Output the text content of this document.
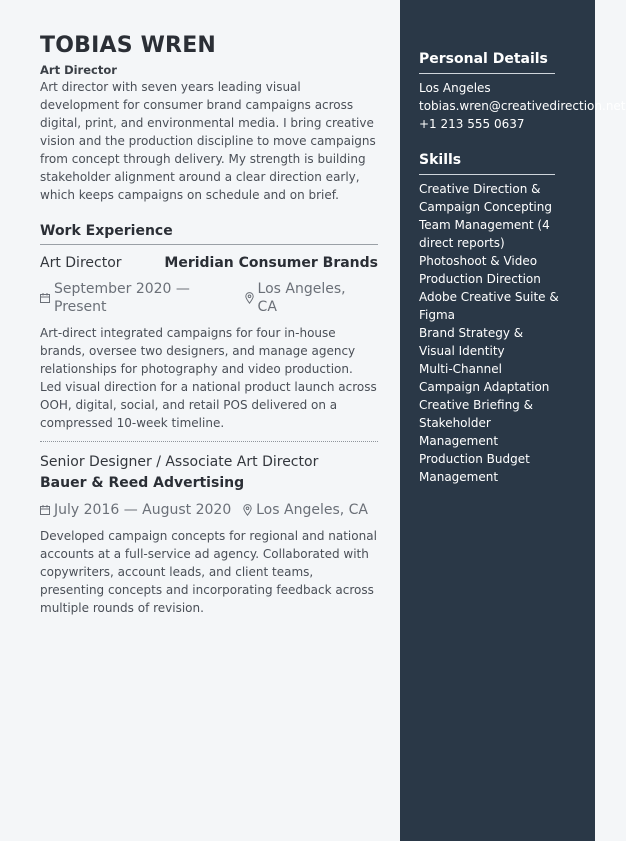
TOBIAS WREN
Art Director

Art director with seven years leading visual development for consumer brand campaigns across digital, print, and environmental media. I bring creative vision and the production discipline to move campaigns from concept through delivery. My strength is building stakeholder alignment around a clear direction early, which keeps campaigns on schedule and on brief.

Work Experience
Art Director	Meridian Consumer Brands
September 2020 — Present
Los Angeles, CA

Art-direct integrated campaigns for four in-house brands, oversee two designers, and manage agency relationships for photography and video production. Led visual direction for a national product launch across OOH, digital, social, and retail POS delivered on a compressed 10-week timeline.

Senior Designer / Associate Art Director
Bauer & Reed Advertising
July 2016 — August 2020 Los Angeles, CA

Developed campaign concepts for regional and national accounts at a full-service ad agency. Collaborated with copywriters, account leads, and client teams, presenting concepts and incorporating feedback across multiple rounds of revision.

Personal Details
Los Angeles
tobias.wren@creativedirection.net
+1 213 555 0637
Skills
Creative Direction & Campaign Concepting
Team Management (4 direct reports)
Photoshoot & Video Production Direction
Adobe Creative Suite & Figma
Brand Strategy & Visual Identity
Multi-Channel Campaign Adaptation
Creative Briefing & Stakeholder Management
Production Budget Management
